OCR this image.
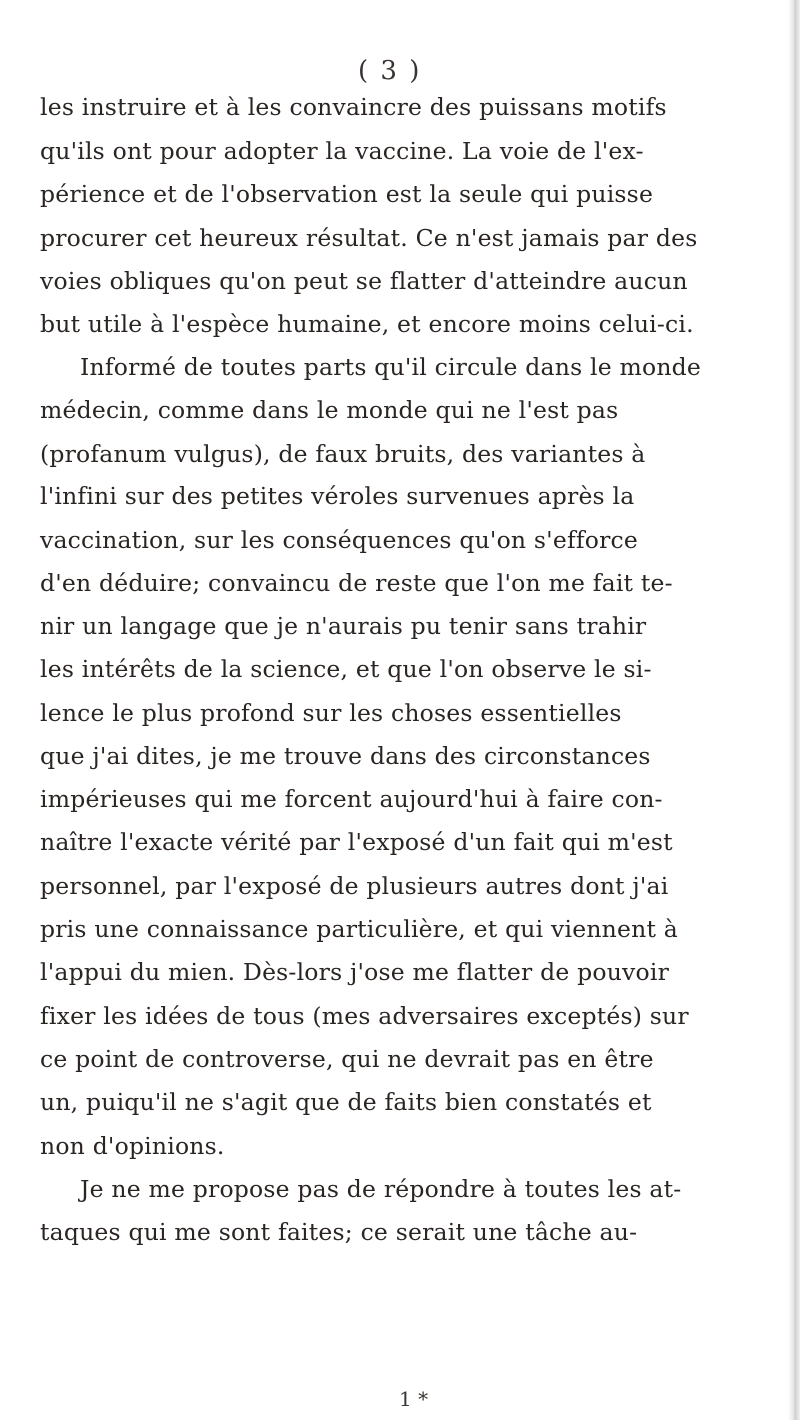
( 3 )
les instruire et à les convaincre des puissans motifs
qu'ils ont pour adopter la vaccine. La voie de l'ex-
périence et de l'observation est la seule qui puisse
procurer cet heureux résultat. Ce n'est jamais par des
voies obliques qu'on peut se flatter d'atteindre aucun
but utile à l'espèce humaine, et encore moins celui-ci.
Informé de toutes parts qu'il circule dans le monde
médecin, comme dans le monde qui ne l'est pas
(profanum vulgus), de faux bruits, des variantes à
l'infini sur des petites véroles survenues après la
vaccination, sur les conséquences qu'on s'efforce
d'en déduire; convaincu de reste que l'on me fait te-
nir un langage que je n'aurais pu tenir sans trahir
les intérêts de la science, et que l'on observe le si-
lence le plus profond sur les choses essentielles
que j'ai dites, je me trouve dans des circonstances
impérieuses qui me forcent aujourd'hui à faire con-
naître l'exacte vérité par l'exposé d'un fait qui m'est
personnel, par l'exposé de plusieurs autres dont j'ai
pris une connaissance particulière, et qui viennent à
l'appui du mien. Dès-lors j'ose me flatter de pouvoir
fixer les idées de tous (mes adversaires exceptés) sur
ce point de controverse, qui ne devrait pas en être
un, puiqu'il ne s'agit que de faits bien constatés et
non d'opinions.
Je ne me propose pas de répondre à toutes les at-
taques qui me sont faites; ce serait une tâche au-
1 *
